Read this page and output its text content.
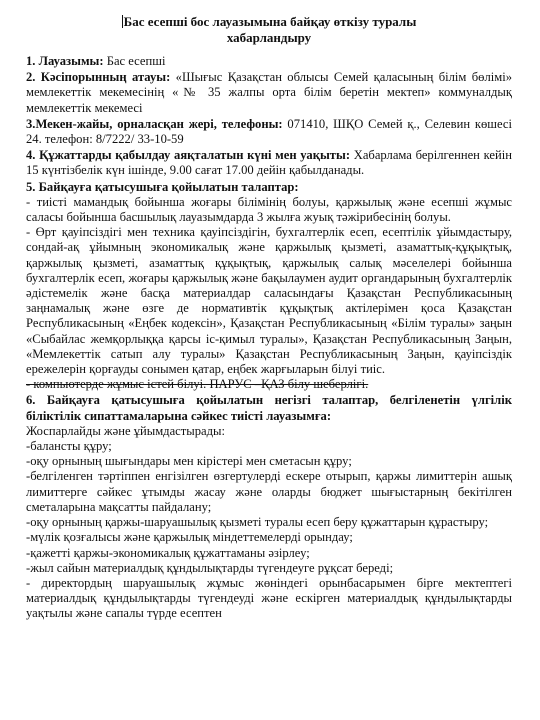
Бас есепші бос лауазымына байқау өткізу туралы
хабарландыру

1. Лауазымы: Бас есепші

2. Кәсіпорынның атауы: «Шығыс Қазақстан облысы Семей қаласының білім бөлімі» мемлекеттік мекемесінің «№ 35 жалпы орта білім беретін мектеп» коммуналдық мемлекеттік мекемесі

3.Мекен-жайы, орналасқан жері, телефоны: 071410, ШҚО Семей қ., Селевин көшесі 24. телефон: 8/7222/ 33-10-59

4. Құжаттарды қабылдау аяқталатын күні мен уақыты: Хабарлама берілгеннен кейін 15 күнтізбелік күн ішінде, 9.00 сағат 17.00 дейін қабылданады.

5. Байқауға қатысушыға қойылатын талаптар:

- тиісті мамандық бойынша жоғары білімінің болуы, қаржылық және есепші жұмыс саласы бойынша басшылық лауазымдарда 3 жылға жуық тәжірибесінің болуы.

- Өрт қауіпсіздігі мен техника қауіпсіздігін, бухгалтерлік есеп, есептілік ұйымдастыру, сондай-ақ ұйымның экономикалық және қаржылық қызметі, азаматтық-құқықтық, қаржылық қызметі, азаматтық құқықтық, қаржылық салық мәселелері бойынша бухгалтерлік есеп, жоғары қаржылық және бақылаумен аудит органдарының бухгалтерлік әдістемелік және басқа материалдар саласындағы Қазақстан Республикасының заңнамалық және өзге де нормативтік құқықтық актілерімен қоса Қазақстан Республикасының «Еңбек кодексін», Қазақстан Республикасының «Білім туралы» заңын «Сыбайлас жемқорлыққа қарсы іс-қимыл туралы», Қазақстан Республикасының Заңын, «Мемлекеттік сатып алу туралы» Қазақстан Республикасының Заңын, қауіпсіздік ережелерін қорғауды сонымен қатар, еңбек жарғыларын білуі тиіс.

- компьютерде жұмыс істей білуі. ПАРУС –ҚАЗ білу шеберлігі.

6. Байқауға қатысушыға қойылатын негізгі талаптар, белгіленетін үлгілік біліктілік сипаттамаларына сәйкес тиісті лауазымға:

Жоспарлайды және ұйымдастырады:

-балансты құру;

-оқу орнының шығындары мен кірістері мен сметасын құру;

-белгіленген тәртіппен енгізілген өзгертулерді ескере отырып, қаржы лимиттерін ашық лимиттерге сәйкес ұтымды жасау және оларды бюджет шығыстарның бекітілген сметаларына мақсатты пайдалану;

-оқу орнының қаржы-шаруашылық қызметі туралы есеп беру құжаттарын құрастыру;

-мүлік қозғалысы және қаржылық міндеттемелерді орындау;

-қажетті қаржы-экономикалық құжаттаманы әзірлеу;

-жыл сайын материалдық құндылықтарды түгендеуге рұқсат береді;

- директордың шаруашылық жұмыс жөніндегі орынбасарымен бірге мектептегі материалдық құндылықтарды түгендеуді және ескірген материалдық құндылықтарды уақтылы және сапалы түрде есептен
